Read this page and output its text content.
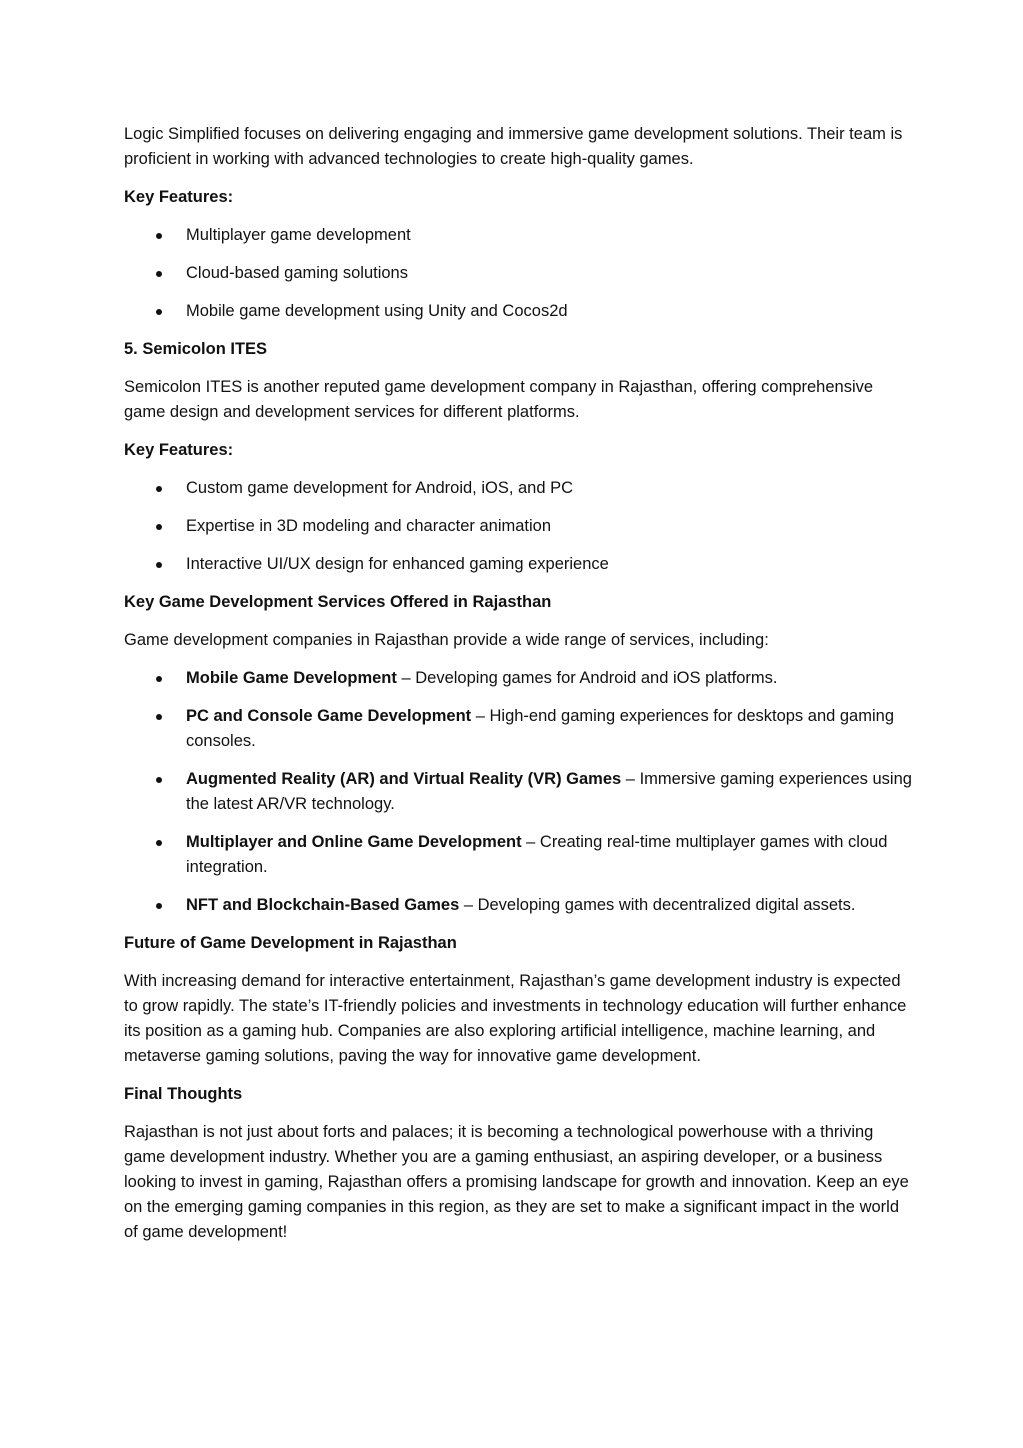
Logic Simplified focuses on delivering engaging and immersive game development solutions. Their team is proficient in working with advanced technologies to create high-quality games.

Key Features:

Multiplayer game development
Cloud-based gaming solutions
Mobile game development using Unity and Cocos2d

5. Semicolon ITES

Semicolon ITES is another reputed game development company in Rajasthan, offering comprehensive game design and development services for different platforms.

Key Features:

Custom game development for Android, iOS, and PC
Expertise in 3D modeling and character animation
Interactive UI/UX design for enhanced gaming experience

Key Game Development Services Offered in Rajasthan

Game development companies in Rajasthan provide a wide range of services, including:

Mobile Game Development – Developing games for Android and iOS platforms.
PC and Console Game Development – High-end gaming experiences for desktops and gaming consoles.
Augmented Reality (AR) and Virtual Reality (VR) Games – Immersive gaming experiences using the latest AR/VR technology.
Multiplayer and Online Game Development – Creating real-time multiplayer games with cloud integration.
NFT and Blockchain-Based Games – Developing games with decentralized digital assets.

Future of Game Development in Rajasthan

With increasing demand for interactive entertainment, Rajasthan’s game development industry is expected to grow rapidly. The state’s IT-friendly policies and investments in technology education will further enhance its position as a gaming hub. Companies are also exploring artificial intelligence, machine learning, and metaverse gaming solutions, paving the way for innovative game development.

Final Thoughts

Rajasthan is not just about forts and palaces; it is becoming a technological powerhouse with a thriving game development industry. Whether you are a gaming enthusiast, an aspiring developer, or a business looking to invest in gaming, Rajasthan offers a promising landscape for growth and innovation. Keep an eye on the emerging gaming companies in this region, as they are set to make a significant impact in the world of game development!
